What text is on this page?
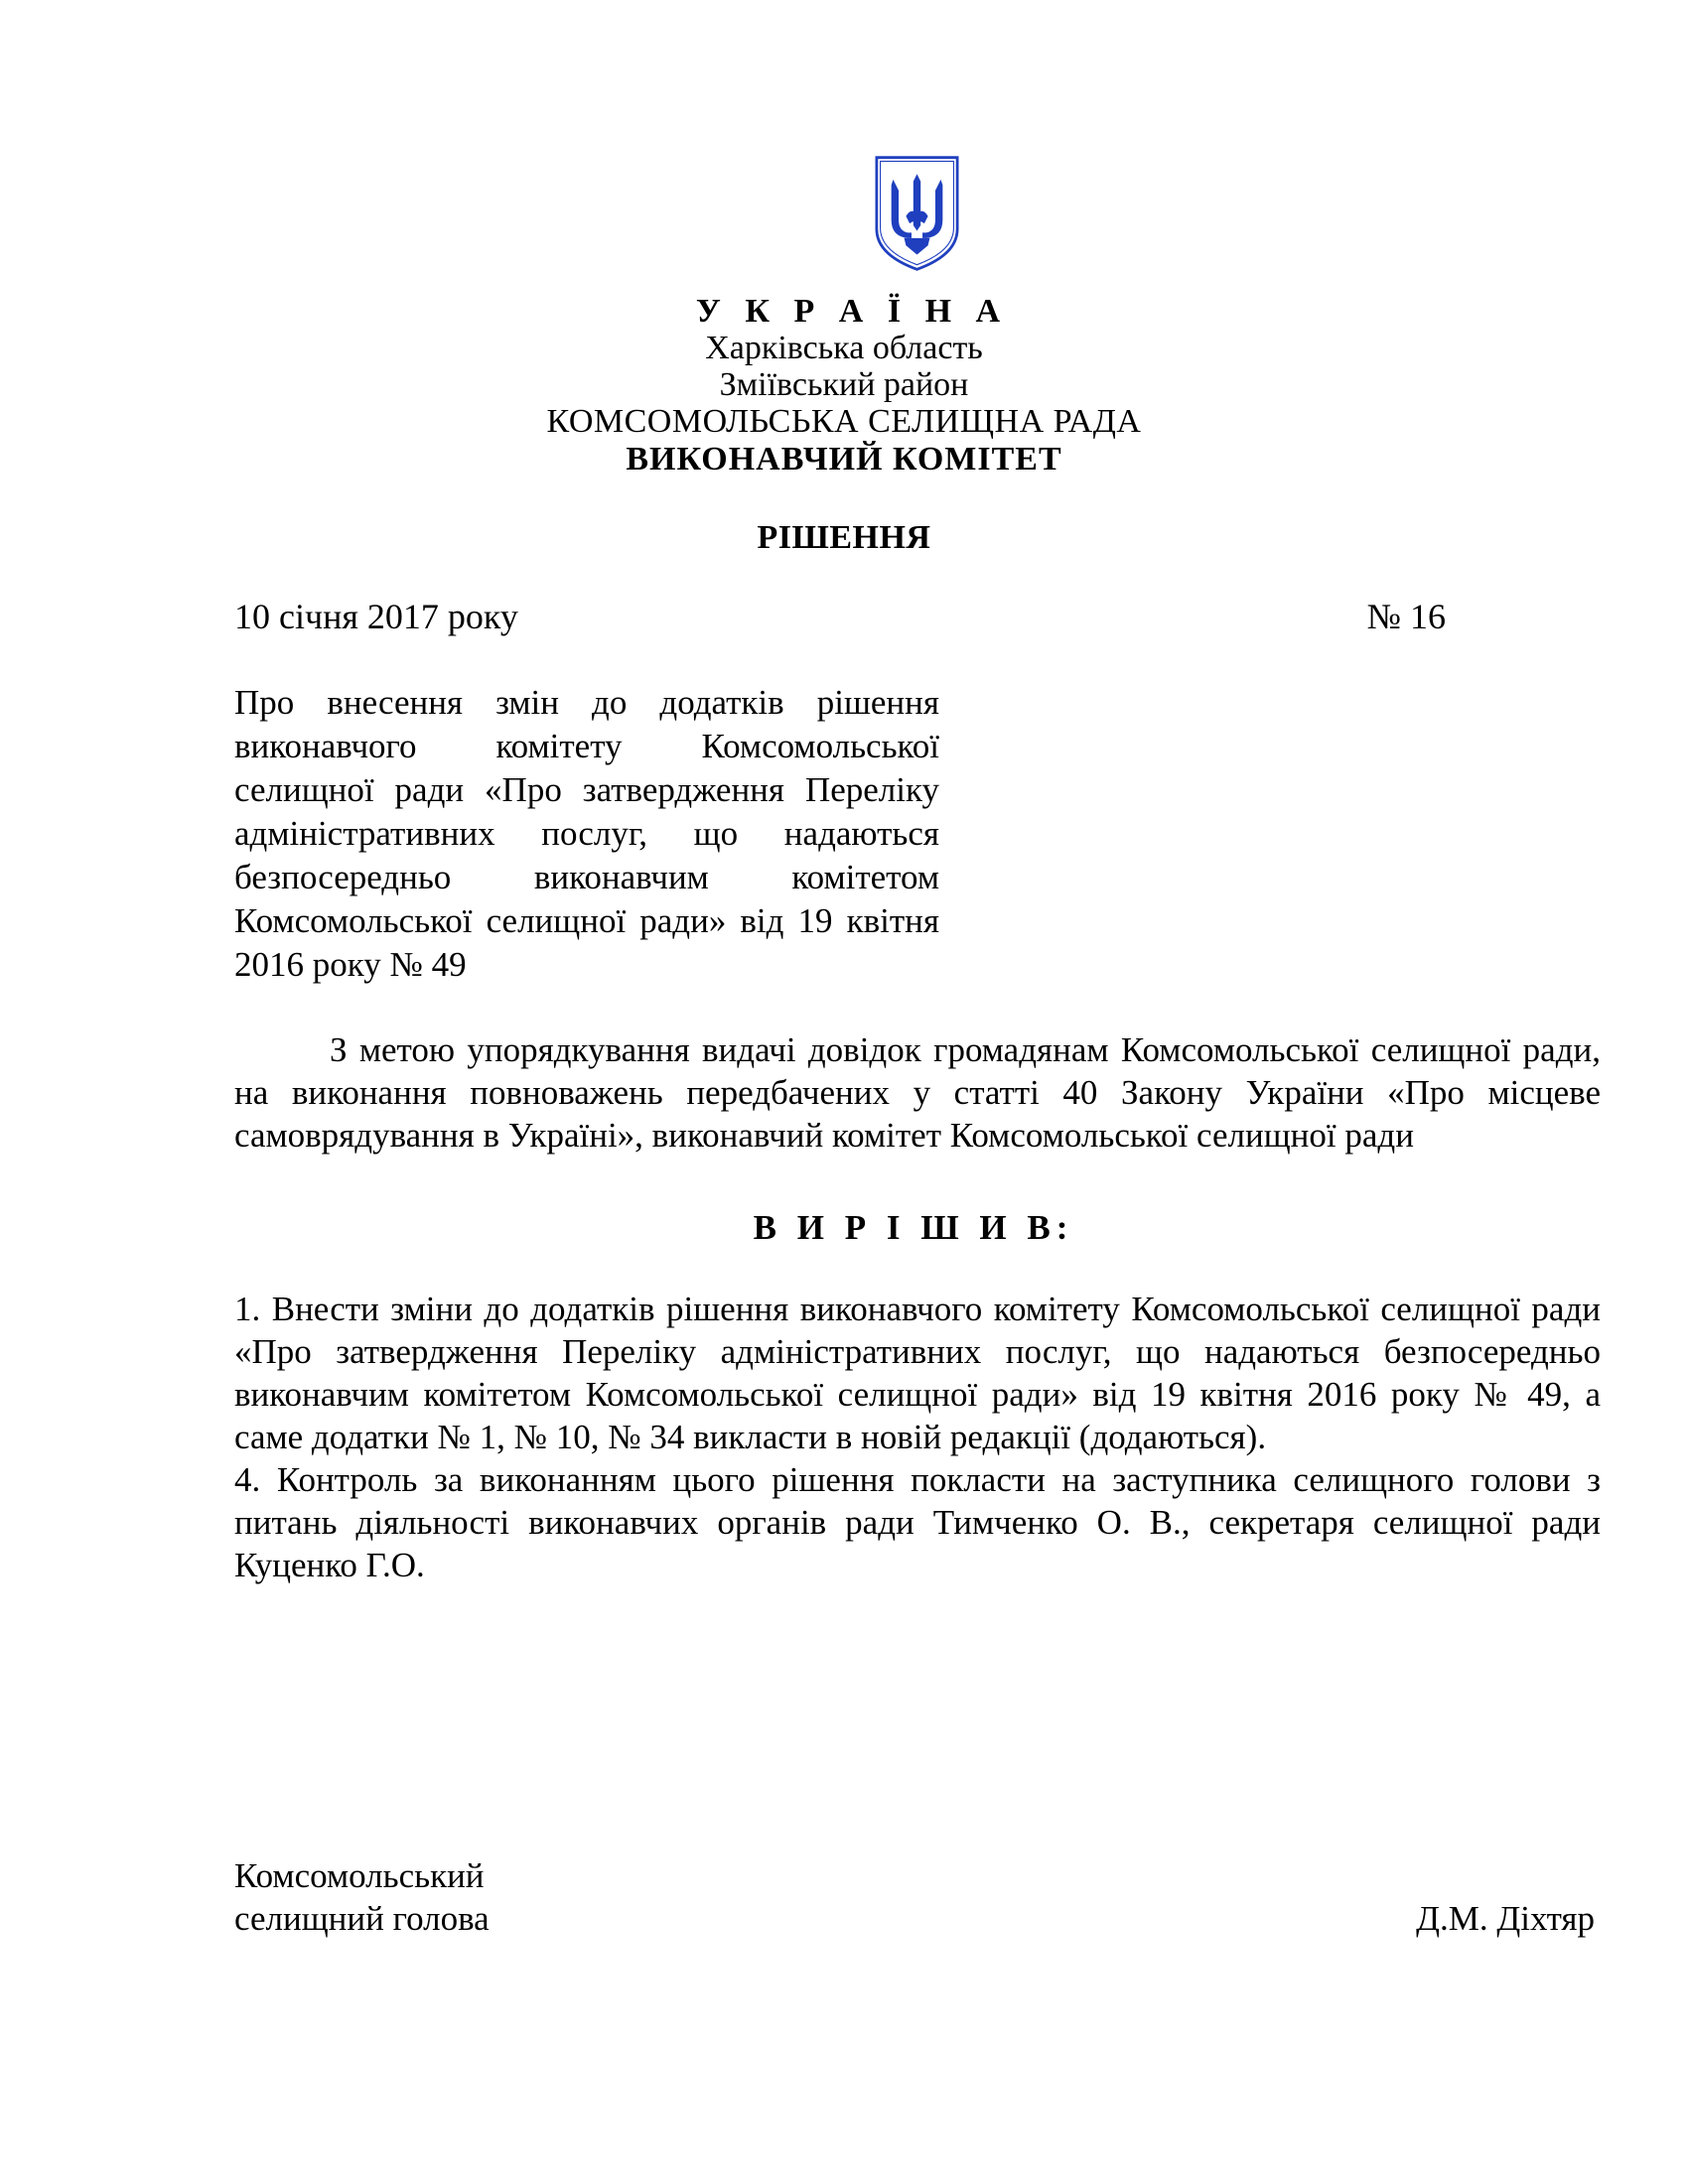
У К Р А Ї Н А

Харківська область

Зміївський район

КОМСОМОЛЬСЬКА СЕЛИЩНА РАДА

ВИКОНАВЧИЙ КОМІТЕТ

РІШЕННЯ

10 січня 2017 року	№ 16

Про внесення змін до додатків рішення виконавчого комітету Комсомольської селищної ради «Про затвердження Переліку адміністративних послуг, що надаються безпосередньо виконавчим комітетом Комсомольської селищної ради» від 19 квітня 2016 року № 49

З метою упорядкування видачі довідок громадянам Комсомольської селищної ради, на виконання повноважень передбачених у статті 40 Закону України «Про місцеве самоврядування в Україні», виконавчий комітет Комсомольської селищної ради

В И Р І Ш И В:

1. Внести зміни до додатків рішення виконавчого комітету Комсомольської селищної ради «Про затвердження Переліку адміністративних послуг, що надаються безпосередньо виконавчим комітетом Комсомольської селищної ради» від 19 квітня 2016 року № 49, а саме додатки № 1, № 10, № 34 викласти в новій редакції (додаються).
4. Контроль за виконанням цього рішення покласти на заступника селищного голови з питань діяльності виконавчих органів ради Тимченко О. В., секретаря селищної ради Куценко Г.О.
Комсомольський
селищний голова	Д.М. Діхтяр
